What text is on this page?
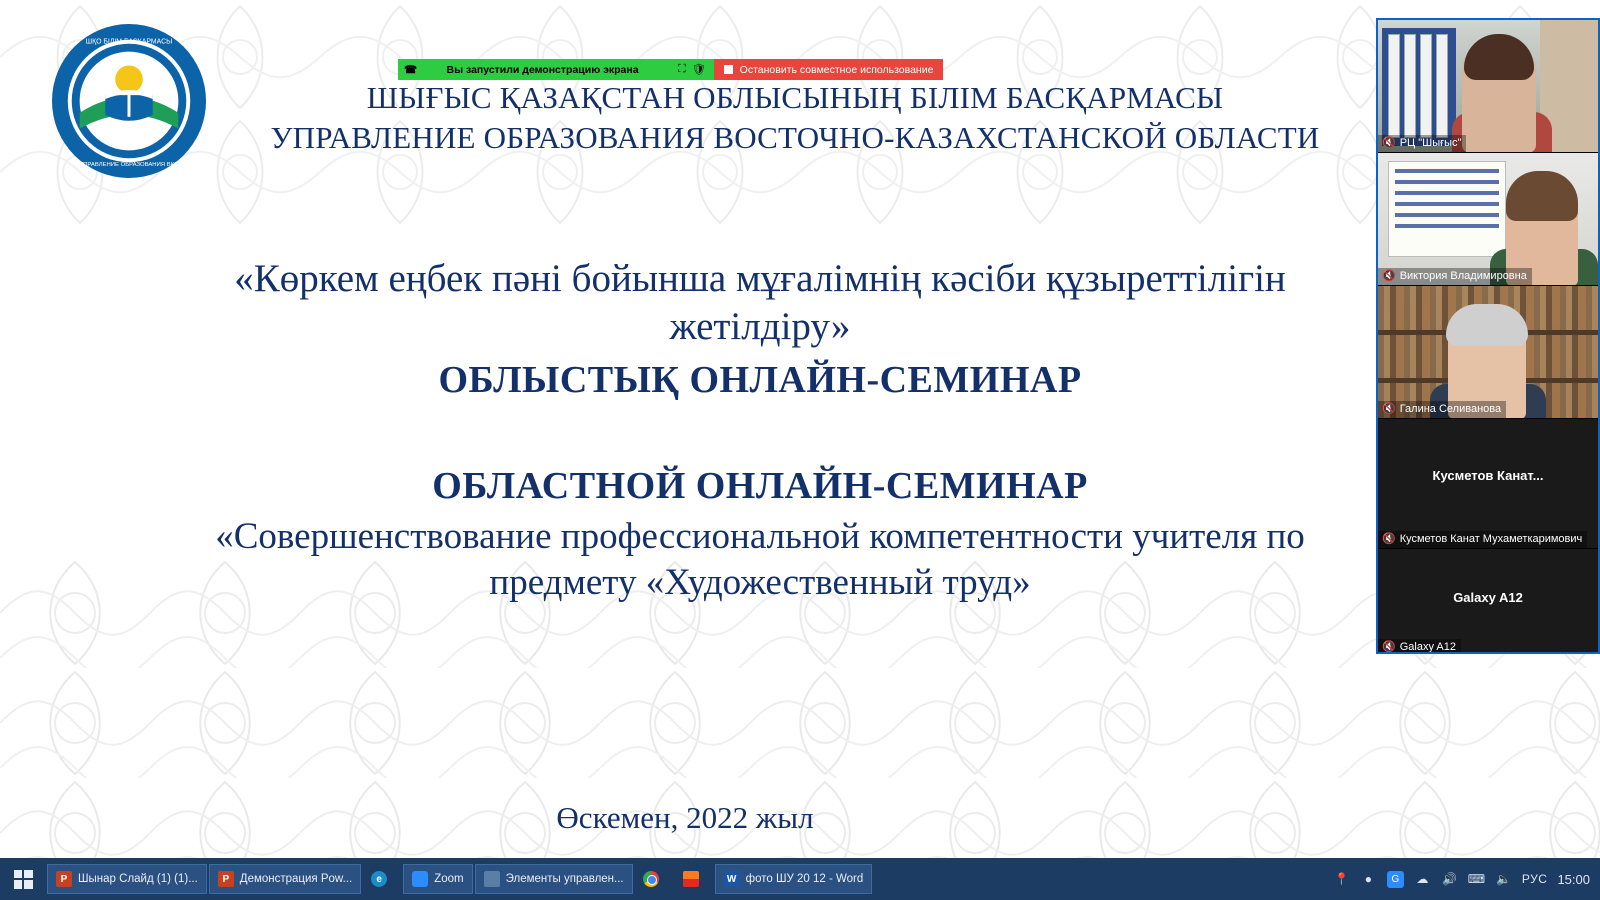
ШҚО БІЛІМ БАСҚАРМАСЫ
УПРАВЛЕНИЕ ОБРАЗОВАНИЯ ВКО
ШЫҒЫС ҚАЗАҚСТАН ОБЛЫСЫНЫҢ БІЛІМ БАСҚАРМАСЫ
УПРАВЛЕНИЕ ОБРАЗОВАНИЯ ВОСТОЧНО-КАЗАХСТАНСКОЙ ОБЛАСТИ
«Көркем еңбек пәні бойынша мұғалімнің кәсіби құзыреттілігін жетілдіру»
ОБЛЫСТЫҚ ОНЛАЙН-СЕМИНАР
ОБЛАСТНОЙ ОНЛАЙН-СЕМИНАР
«Совершенствование профессиональной компетентности учителя по предмету «Художественный труд»
Өскемен, 2022 жыл
☎	Вы запустили демонстрацию экрана	⛶ 🛡	Остановить совместное использование
🔇 РЦ "Шығыс"
🔇 Виктория Владимировна
🔇 Галина Селиванова
Кусметов Канат...
🔇 Кусметов Канат Мухаметкаримович
Galaxy A12
🔇 Galaxy A12
P Шынар Слайд (1) (1)...	P Демонстрация Pow...	e	Zoom	Элементы управлен...	W фото ШУ 20 12 - Word	📍	●	G	☁ 🔊 ⌨ 🔈 РУС 15:00
